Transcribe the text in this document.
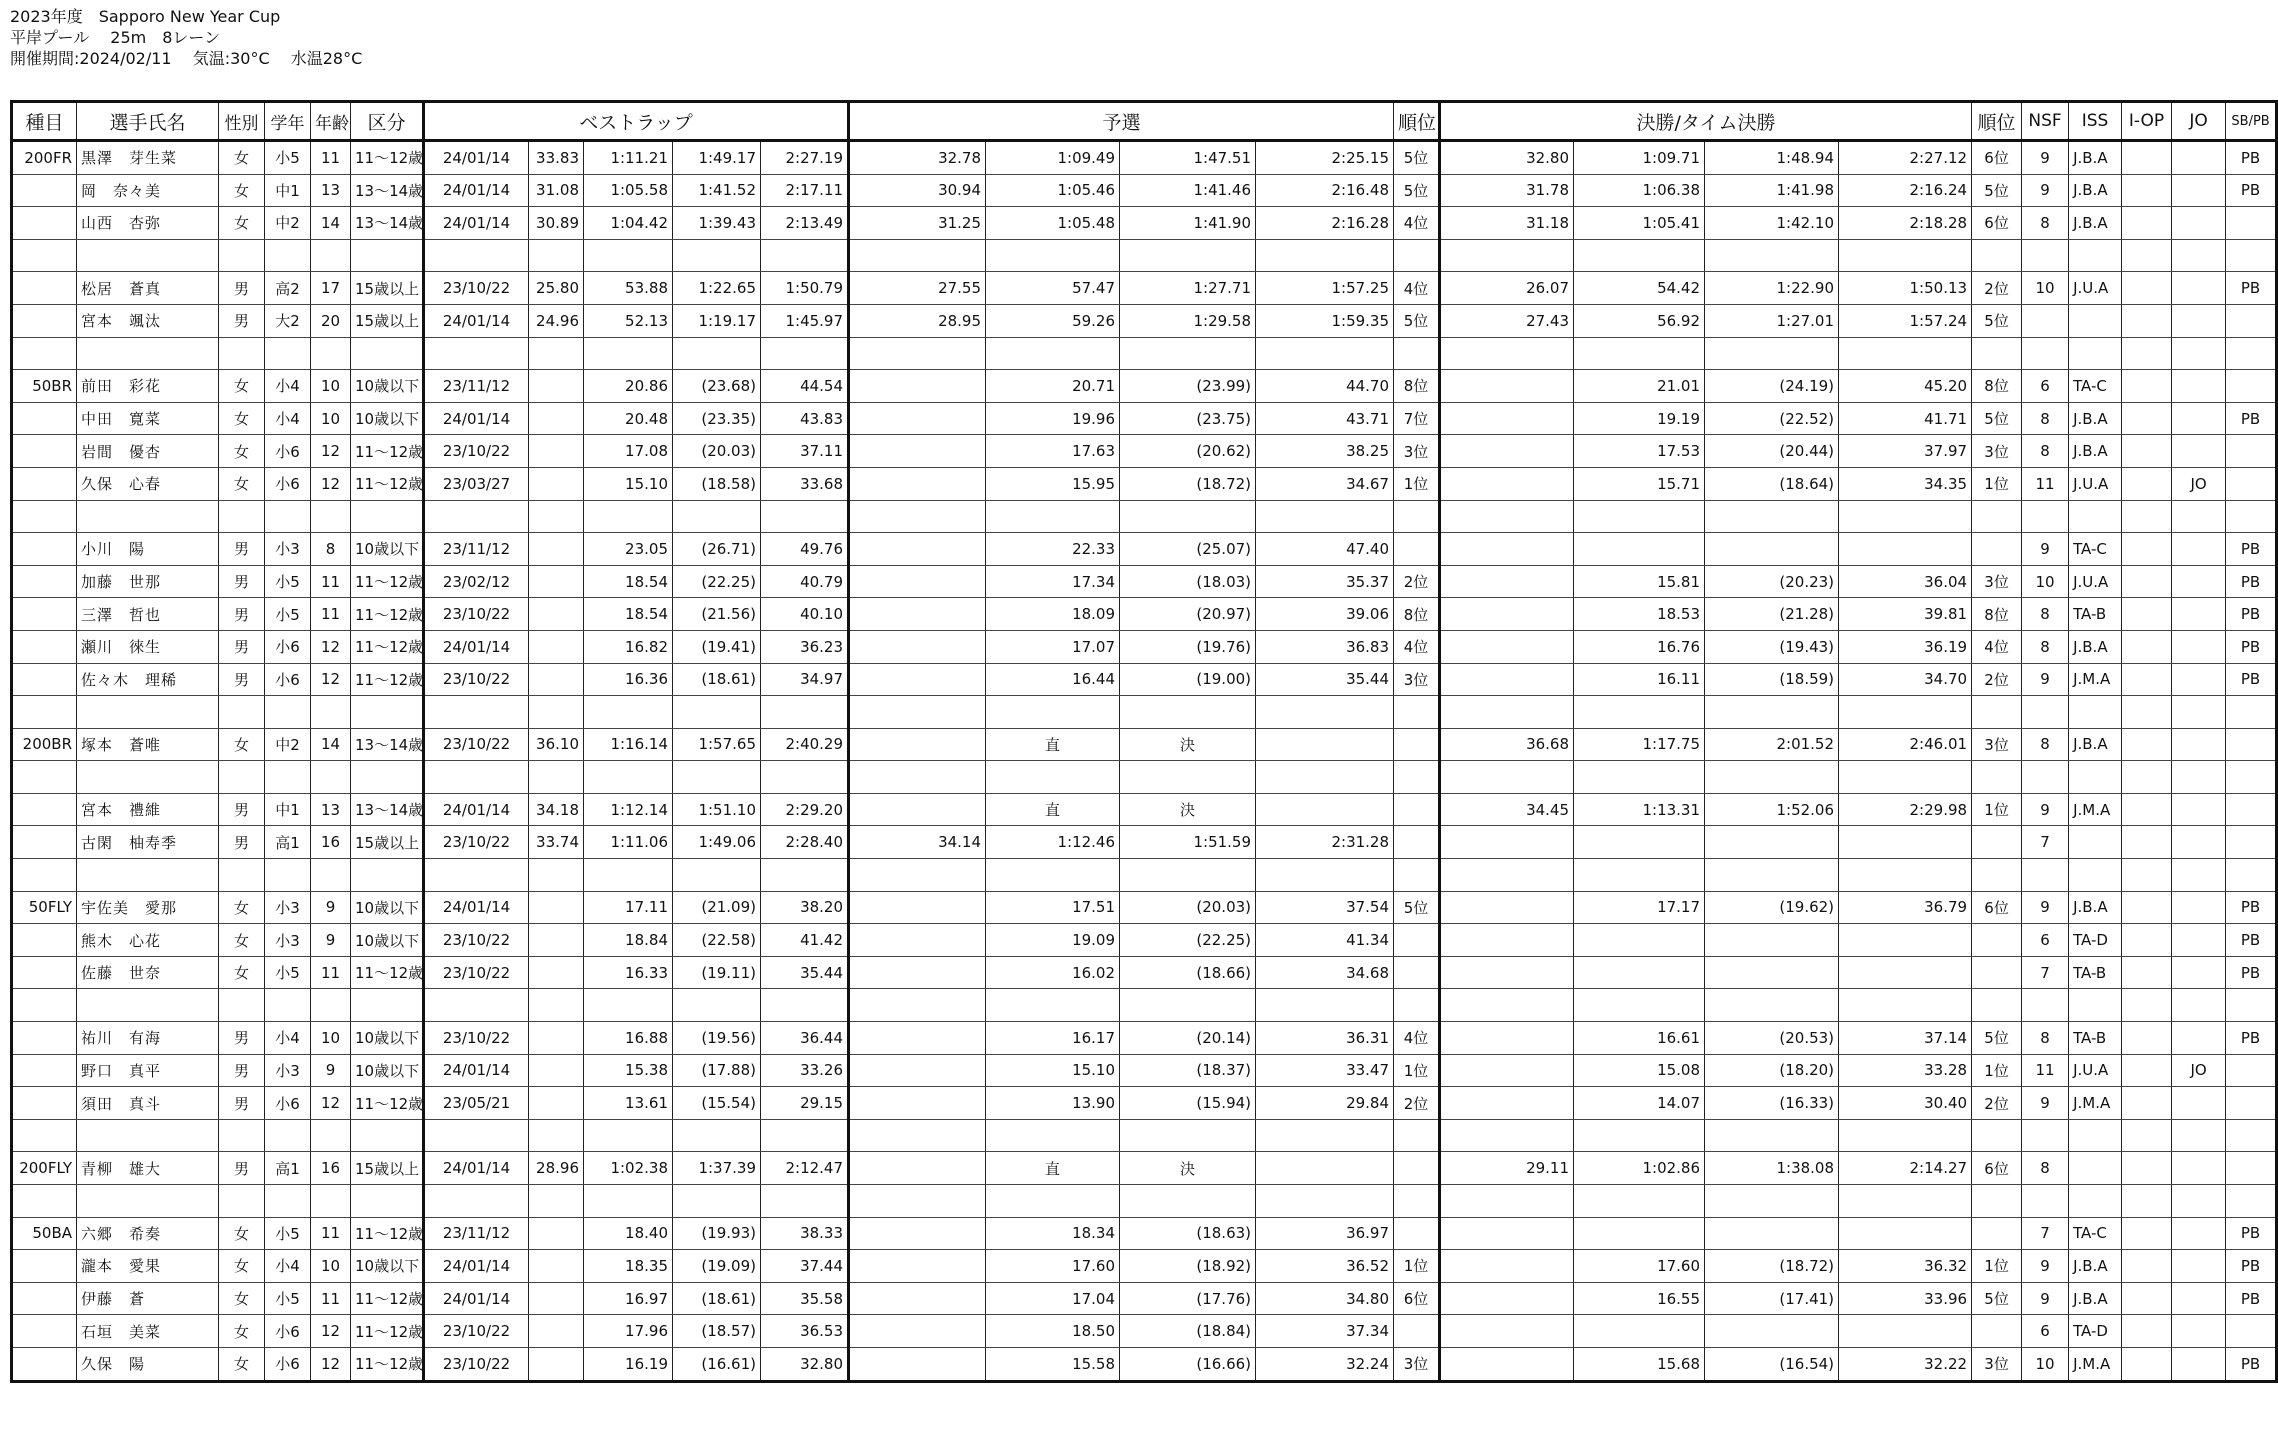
2023年度　Sapporo New Year Cup
平岸プール　 25m　8レーン
開催期間:2024/02/11　 気温:30°C　 水温28°C
種目	選手氏名	性別	学年	年齢	区分	ベストラップ					予選				順位	決勝/タイム決勝				順位	NSF	ISS	I-OP	JO	SB/PB
200FR	黒澤　芽生菜	女	小5	11	11～12歳	24/01/14	33.83	1:11.21	1:49.17	2:27.19	32.78	1:09.49	1:47.51	2:25.15	5位	32.80	1:09.71	1:48.94	2:27.12	6位	9	J.B.A			PB
	岡　奈々美	女	中1	13	13～14歳	24/01/14	31.08	1:05.58	1:41.52	2:17.11	30.94	1:05.46	1:41.46	2:16.48	5位	31.78	1:06.38	1:41.98	2:16.24	5位	9	J.B.A			PB
	山西　杏弥	女	中2	14	13～14歳	24/01/14	30.89	1:04.42	1:39.43	2:13.49	31.25	1:05.48	1:41.90	2:16.28	4位	31.18	1:05.41	1:42.10	2:18.28	6位	8	J.B.A			

	松居　蒼真	男	高2	17	15歳以上	23/10/22	25.80	53.88	1:22.65	1:50.79	27.55	57.47	1:27.71	1:57.25	4位	26.07	54.42	1:22.90	1:50.13	2位	10	J.U.A			PB
	宮本　颯汰	男	大2	20	15歳以上	24/01/14	24.96	52.13	1:19.17	1:45.97	28.95	59.26	1:29.58	1:59.35	5位	27.43	56.92	1:27.01	1:57.24	5位					

50BR	前田　彩花	女	小4	10	10歳以下	23/11/12		20.86	(23.68)	44.54		20.71	(23.99)	44.70	8位		21.01	(24.19)	45.20	8位	6	TA-C			
	中田　寛菜	女	小4	10	10歳以下	24/01/14		20.48	(23.35)	43.83		19.96	(23.75)	43.71	7位		19.19	(22.52)	41.71	5位	8	J.B.A			PB
	岩間　優杏	女	小6	12	11～12歳	23/10/22		17.08	(20.03)	37.11		17.63	(20.62)	38.25	3位		17.53	(20.44)	37.97	3位	8	J.B.A			
	久保　心春	女	小6	12	11～12歳	23/03/27		15.10	(18.58)	33.68		15.95	(18.72)	34.67	1位		15.71	(18.64)	34.35	1位	11	J.U.A		JO	

	小川　陽	男	小3	8	10歳以下	23/11/12		23.05	(26.71)	49.76		22.33	(25.07)	47.40							9	TA-C			PB
	加藤　世那	男	小5	11	11～12歳	23/02/12		18.54	(22.25)	40.79		17.34	(18.03)	35.37	2位		15.81	(20.23)	36.04	3位	10	J.U.A			PB
	三澤　哲也	男	小5	11	11～12歳	23/10/22		18.54	(21.56)	40.10		18.09	(20.97)	39.06	8位		18.53	(21.28)	39.81	8位	8	TA-B			PB
	瀬川　徠生	男	小6	12	11～12歳	24/01/14		16.82	(19.41)	36.23		17.07	(19.76)	36.83	4位		16.76	(19.43)	36.19	4位	8	J.B.A			PB
	佐々木　理稀	男	小6	12	11～12歳	23/10/22		16.36	(18.61)	34.97		16.44	(19.00)	35.44	3位		16.11	(18.59)	34.70	2位	9	J.M.A			PB

200BR	塚本　蒼唯	女	中2	14	13～14歳	23/10/22	36.10	1:16.14	1:57.65	2:40.29		直	決			36.68	1:17.75	2:01.52	2:46.01	3位	8	J.B.A			

	宮本　禮維	男	中1	13	13～14歳	24/01/14	34.18	1:12.14	1:51.10	2:29.20		直	決			34.45	1:13.31	1:52.06	2:29.98	1位	9	J.M.A			
	古閑　柚寿季	男	高1	16	15歳以上	23/10/22	33.74	1:11.06	1:49.06	2:28.40	34.14	1:12.46	1:51.59	2:31.28							7				

50FLY	宇佐美　愛那	女	小3	9	10歳以下	24/01/14		17.11	(21.09)	38.20		17.51	(20.03)	37.54	5位		17.17	(19.62)	36.79	6位	9	J.B.A			PB
	熊木　心花	女	小3	9	10歳以下	23/10/22		18.84	(22.58)	41.42		19.09	(22.25)	41.34							6	TA-D			PB
	佐藤　世奈	女	小5	11	11～12歳	23/10/22		16.33	(19.11)	35.44		16.02	(18.66)	34.68							7	TA-B			PB

	祐川　有海	男	小4	10	10歳以下	23/10/22		16.88	(19.56)	36.44		16.17	(20.14)	36.31	4位		16.61	(20.53)	37.14	5位	8	TA-B			PB
	野口　真平	男	小3	9	10歳以下	24/01/14		15.38	(17.88)	33.26		15.10	(18.37)	33.47	1位		15.08	(18.20)	33.28	1位	11	J.U.A		JO	
	須田　真斗	男	小6	12	11～12歳	23/05/21		13.61	(15.54)	29.15		13.90	(15.94)	29.84	2位		14.07	(16.33)	30.40	2位	9	J.M.A			

200FLY	青柳　雄大	男	高1	16	15歳以上	24/01/14	28.96	1:02.38	1:37.39	2:12.47		直	決			29.11	1:02.86	1:38.08	2:14.27	6位	8				

50BA	六郷　希奏	女	小5	11	11～12歳	23/11/12		18.40	(19.93)	38.33		18.34	(18.63)	36.97							7	TA-C			PB
	瀧本　愛果	女	小4	10	10歳以下	24/01/14		18.35	(19.09)	37.44		17.60	(18.92)	36.52	1位		17.60	(18.72)	36.32	1位	9	J.B.A			PB
	伊藤　蒼	女	小5	11	11～12歳	24/01/14		16.97	(18.61)	35.58		17.04	(17.76)	34.80	6位		16.55	(17.41)	33.96	5位	9	J.B.A			PB
	石垣　美菜	女	小6	12	11～12歳	23/10/22		17.96	(18.57)	36.53		18.50	(18.84)	37.34							6	TA-D			
	久保　陽	女	小6	12	11～12歳	23/10/22		16.19	(16.61)	32.80		15.58	(16.66)	32.24	3位		15.68	(16.54)	32.22	3位	10	J.M.A			PB
